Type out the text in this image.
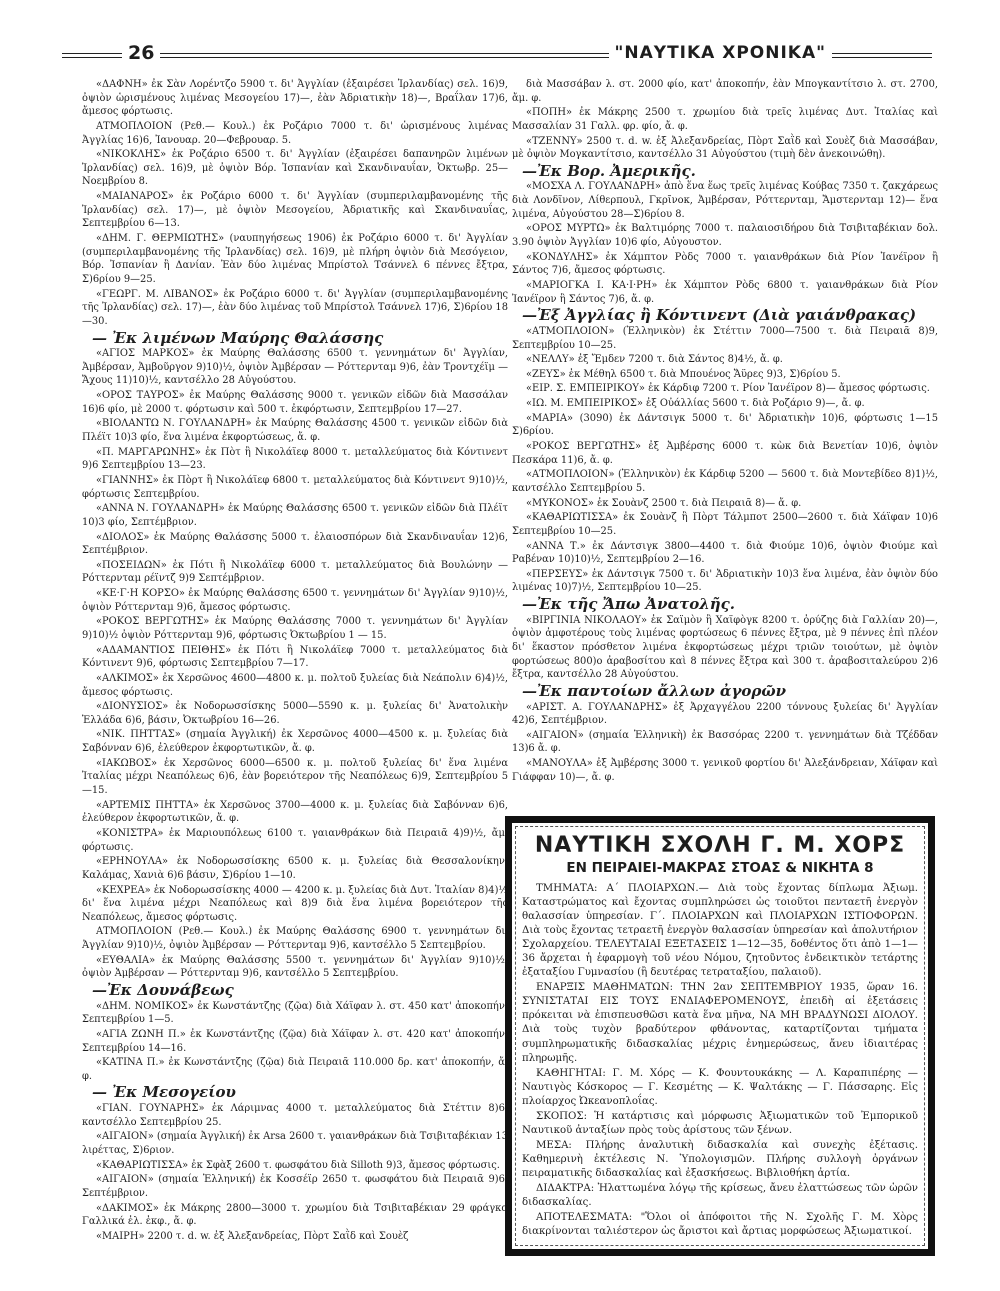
26	"ΝΑΥΤΙΚΑ ΧΡΟΝΙΚΑ"

«ΔΑΦΝΗ» ἐκ Σὰν Λορέντζο 5900 τ. δι' Ἀγγλίαν (ἐξαιρέσει Ἰρλανδίας) σελ. 16)9, ὀψιὸν ὡρισμένους λιμένας Μεσογείου 17)—, ἐὰν Ἀδριατικὴν 18)—, Βραΐλαν 17)6, ἄμεσος φόρτωσις.

ΑΤΜΟΠΛΟΙΟΝ (Ρεθ.— Κουλ.) ἐκ Ροζάριο 7000 τ. δι' ὡρισμένους λιμένας Ἀγγλίας 16)6, Ἰανουαρ. 20—Φεβρουαρ. 5.

«ΝΙΚΟΚΛΗΣ» ἐκ Ροζάριο 6500 τ. δι' Ἀγγλίαν (ἐξαιρέσει δαπανηρῶν λιμένων Ἰρλανδίας) σελ. 16)9, μὲ ὀψιὸν Βόρ. Ἰσπανίαν καὶ Σκανδιναυΐαν, Ὀκτωβρ. 25—Νοεμβρίου 8.

«ΜΑΙΑΝΑΡΟΣ» ἐκ Ροζάριο 6000 τ. δι' Ἀγγλίαν (συμπεριλαμβανομένης τῆς Ἰρλανδίας) σελ. 17)—, μὲ ὀψιὸν Μεσογείου, Ἀδριατικῆς καὶ Σκανδιναυΐας, Σεπτεμβρίου 6—13.

«ΔΗΜ. Γ. ΘΕΡΜΙΩΤΗΣ» (ναυπηγήσεως 1906) ἐκ Ροζάριο 6000 τ. δι' Ἀγγλίαν (συμπεριλαμβανομένης τῆς Ἰρλανδίας) σελ. 16)9, μὲ πλήρη ὀψιὸν διὰ Μεσόγειον, Βόρ. Ἰσπανίαν ἢ Δανίαν. Ἐὰν δύο λιμένας Μπρίστολ Τσάννελ 6 πέννες ἔξτρα, Σ)6ρίου 9—25.

«ΓΕΩΡΓ. Μ. ΛΙΒΑΝΟΣ» ἐκ Ροζάριο 6000 τ. δι' Ἀγγλίαν (συμπεριλαμβανομένης τῆς Ἰρλανδίας) σελ. 17)—, ἐὰν δύο λιμένας τοῦ Μπρίστολ Τσάννελ 17)6, Σ)6ρίου 18—30.

— Ἐκ λιμένων Μαύρης Θαλάσσης

«ΑΓΙΟΣ ΜΑΡΚΟΣ» ἐκ Μαύρης Θαλάσσης 6500 τ. γεννημάτων δι' Ἀγγλίαν, Ἀμβέρσαν, Ἀμβοῦργον 9)10)½, ὀψιὸν Ἀμβέρσαν — Ρόττερνταμ 9)6, ἐὰν Τροντχέϊμ — Ἄχους 11)10)½, καντσέλλο 28 Αὐγούστου.

«ΟΡΟΣ ΤΑΥΡΟΣ» ἐκ Μαύρης Θαλάσσης 9000 τ. γενικῶν εἰδῶν διὰ Μασσάλαν 16)6 φίο, μὲ 2000 τ. φόρτωσιν καὶ 500 τ. ἐκφόρτωσιν, Σεπτεμβρίου 17—27.

«ΒΙΟΛΑΝΤΩ Ν. ΓΟΥΛΑΝΔΡΗ» ἐκ Μαύρης Θαλάσσης 4500 τ. γενικῶν εἰδῶν διὰ Πλέϊτ 10)3 φίο, ἕνα λιμένα ἐκφορτώσεως, ἄ. φ.

«Π. ΜΑΡΓΑΡΩΝΗΣ» ἐκ Πὸτ ἢ Νικολάϊεφ 8000 τ. μεταλλεύματος διὰ Κόντινεντ 9)6 Σεπτεμβρίου 13—23.

«ΓΙΑΝΝΗΣ» ἐκ Πὸρτ ἢ Νικολάϊεφ 6800 τ. μεταλλεύματος διὰ Κόντινεντ 9)10)½, φόρτωσις Σεπτεμβρίου.

«ΑΝΝΑ Ν. ΓΟΥΛΑΝΔΡΗ» ἐκ Μαύρης Θαλάσσης 6500 τ. γενικῶν εἰδῶν διὰ Πλέϊτ 10)3 φίο, Σεπτέμβριον.

«ΔΙΟΛΟΣ» ἐκ Μαύρης Θαλάσσης 5000 τ. ἐλαιοσπόρων διὰ Σκανδιναυΐαν 12)6, Σεπτέμβριον.

«ΠΟΣΕΙΔΩΝ» ἐκ Πότι ἢ Νικολάϊεφ 6000 τ. μεταλλεύματος διὰ Βουλώνην — Ρόττερνταμ ρέϊντζ 9)9 Σεπτέμβριον.

«ΚΕ·Γ·Η ΚΟΡΣΟ» ἐκ Μαύρης Θαλάσσης 6500 τ. γεννημάτων δι' Ἀγγλίαν 9)10)½, ὀψιὸν Ρόττερνταμ 9)6, ἄμεσος φόρτωσις.

«ΡΟΚΟΣ ΒΕΡΓΩΤΗΣ» ἐκ Μαύρης Θαλάσσης 7000 τ. γεννημάτων δι' Ἀγγλίαν 9)10)½ ὀψιὸν Ρόττερνταμ 9)6, φόρτωσις Ὀκτωβρίου 1 — 15.

«ΑΔΑΜΑΝΤΙΟΣ ΠΕΙΘΗΣ» ἐκ Πότι ἢ Νικολάϊεφ 7000 τ. μεταλλεύματος διὰ Κόντινεντ 9)6, φόρτωσις Σεπτεμβρίου 7—17.

«ΑΛΚΙΜΟΣ» ἐκ Χερσῶνος 4600—4800 κ. μ. πολτοῦ ξυλείας διὰ Νεάπολιν 6)4)½, ἄμεσος φόρτωσις.

«ΔΙΟΝΥΣΙΟΣ» ἐκ Νοδορωσσίσκης 5000—5590 κ. μ. ξυλείας δι' Ἀνατολικὴν Ἑλλάδα 6)6, βάσιν, Ὀκτωβρίου 16—26.

«ΝΙΚ. ΠΗΤΤΑΣ» (σημαία Ἀγγλική) ἐκ Χερσῶνος 4000—4500 κ. μ. ξυλείας διὰ Σαβόνναν 6)6, ἐλεύθερον ἐκφορτωτικῶν, ἄ. φ.

«ΙΑΚΩΒΟΣ» ἐκ Χερσῶνος 6000—6500 κ. μ. πολτοῦ ξυλείας δι' ἕνα λιμένα Ἰταλίας μέχρι Νεαπόλεως 6)6, ἐὰν βορειότερον τῆς Νεαπόλεως 6)9, Σεπτεμβρίου 5—15.

«ΑΡΤΕΜΙΣ ΠΗΤΤΑ» ἐκ Χερσῶνος 3700—4000 κ. μ. ξυλείας διὰ Σαβόνναν 6)6, ἐλεύθερον ἐκφορτωτικῶν, ἄ. φ.

«ΚΟΝΙΣΤΡΑ» ἐκ Μαριουπόλεως 6100 τ. γαιανθράκων διὰ Πειραιᾶ 4)9)½, ἄμ. φόρτωσις.

«ΕΡΗΝΟΥΛΑ» ἐκ Νοδορωσσίσκης 6500 κ. μ. ξυλείας διὰ Θεσσαλονίκην, Καλάμας, Χανιὰ 6)6 βάσιν, Σ)6ρίου 1—10.

«ΚΕΧΡΕΑ» ἐκ Νοδορωσσίσκης 4000 — 4200 κ. μ. ξυλείας διὰ Δυτ. Ἰταλίαν 8)4)½ δι' ἕνα λιμένα μέχρι Νεαπόλεως καὶ 8)9 διὰ ἕνα λιμένα βορειότερον τῆς Νεαπόλεως, ἄμεσος φόρτωσις.

ΑΤΜΟΠΛΟΙΟΝ (Ρεθ.— Κουλ.) ἐκ Μαύρης Θαλάσσης 6900 τ. γεννημάτων δι' Ἀγγλίαν 9)10)½, ὀψιὸν Ἀμβέρσαν — Ρόττερνταμ 9)6, καντσέλλο 5 Σεπτεμβρίου.

«ΕΥΘΑΛΙΑ» ἐκ Μαύρης Θαλάσσης 5500 τ. γεννημάτων δι' Ἀγγλίαν 9)10)½, ὀψιὸν Ἀμβέρσαν — Ρόττερνταμ 9)6, καντσέλλο 5 Σεπτεμβρίου.

—Ἐκ Δουνάβεως

«ΔΗΜ. ΝΟΜΙΚΟΣ» ἐκ Κωνστάντζης (ζῷα) διὰ Χάϊφαν λ. στ. 450 κατ' ἀποκοπήν, Σεπτεμβρίου 1—5.

«ΑΓΙΑ ΖΩΝΗ Π.» ἐκ Κωνστάντζης (ζῷα) διὰ Χάϊφαν λ. στ. 420 κατ' ἀποκοπήν, Σεπτεμβρίου 14—16.

«ΚΑΤΙΝΑ Π.» ἐκ Κωνστάντζης (ζῷα) διὰ Πειραιᾶ 110.000 δρ. κατ' ἀποκοπήν, ἄ. φ.

— Ἐκ Μεσογείου

«ΓΙΑΝ. ΓΟΥΝΑΡΗΣ» ἐκ Λάριμνας 4000 τ. μεταλλεύματος διὰ Στέττιν 8)6, καντσέλλο Σεπτεμβρίου 25.

«ΑΙΓΑΙΟΝ» (σημαία Ἀγγλική) ἐκ Arsa 2600 τ. γαιανθράκων διὰ Τσιβιταβέκιαν 13 λιρέττας, Σ)6ριον.

«ΚΑΘΑΡΙΩΤΙΣΣΑ» ἐκ Σφὰξ 2600 τ. φωσφάτου διὰ Silloth 9)3, ἄμεσος φόρτωσις.

«ΑΙΓΑΙΟΝ» (σημαία Ἑλληνική) ἐκ Κοσσέϊρ 2650 τ. φωσφάτου διὰ Πειραιᾶ 9)6, Σεπτέμβριον.

«ΔΑΚΙΜΟΣ» ἐκ Μάκρης 2800—3000 τ. χρωμίου διὰ Τσιβιταβέκιαν 29 φράγκα Γαλλικά ἐλ. ἐκφ., ἄ. φ.

«ΜΑΙΡΗ» 2200 τ. d. w. ἐξ Ἀλεξανδρείας, Πὸρτ Σαῒδ καὶ Σουὲζ

διὰ Μασσάβαν λ. στ. 2000 φίο, κατ' ἀποκοπήν, ἐὰν Μπογκαντίτσιο λ. στ. 2700, ἄμ. φ.

«ΠΟΠΗ» ἐκ Μάκρης 2500 τ. χρωμίου διὰ τρεῖς λιμένας Δυτ. Ἰταλίας καὶ Μασσαλίαν 31 Γαλλ. φρ. φίο, ἄ. φ.

«ΤΖΕΝΝΥ» 2500 τ. d. w. ἐξ Ἀλεξανδρείας, Πὸρτ Σαῒδ καὶ Σουὲζ διὰ Μασσάβαν, μὲ ὀψιὸν Μογκαντίτσιο, καντσέλλο 31 Αὐγούστου (τιμὴ δὲν ἀνεκοινώθη).

—Ἐκ Βορ. Ἀμερικῆς.

«ΜΟΣΧΑ Λ. ΓΟΥΛΑΝΔΡΗ» ἀπὸ ἕνα ἕως τρεῖς λιμένας Κούβας 7350 τ. ζακχάρεως διὰ Λονδῖνον, Λίθερπουλ, Γκρῖνοκ, Ἀμβέρσαν, Ρόττερνταμ, Ἄμστερνταμ 12)— ἕνα λιμένα, Αὐγούστου 28—Σ)6ρίου 8.

«ΟΡΟΣ ΜΥΡΤΩ» ἐκ Βαλτιμόρης 7000 τ. παλαιοσιδήρου διὰ Τσιβιταβέκιαν δολ. 3.90 ὀψιὸν Ἀγγλίαν 10)6 φίο, Αὐγουστον.

«ΚΟΝΔΥΛΗΣ» ἐκ Χάμπτον Ρὸδς 7000 τ. γαιανθράκων διὰ Ρίον Ἰανέϊρον ἢ Σάντος 7)6, ἄμεσος φόρτωσις.

«ΜΑΡΙΟΓΚΑ Ι. ΚΑ·Ι·ΡΗ» ἐκ Χάμπτον Ρὸδς 6800 τ. γαιανθράκων διὰ Ρίον Ἰανέϊρον ἢ Σάντος 7)6, ἄ. φ.

—Ἐξ Ἀγγλίας ἢ Κόντινεντ (Διὰ γαιάνθρακας)

«ΑΤΜΟΠΛΟΙΟΝ» (Ἑλληνικὸν) ἐκ Στέττιν 7000—7500 τ. διὰ Πειραιᾶ 8)9, Σεπτεμβρίου 10—25.

«ΝΕΛΛΥ» ἐξ Ἔμδεν 7200 τ. διὰ Σάντος 8)4½, ἄ. φ.

«ΖΕΥΣ» ἐκ Μέθηλ 6500 τ. διὰ Μπουένος Ἄϋρες 9)3, Σ)6ρίου 5.

«ΕΙΡ. Σ. ΕΜΠΕΙΡΙΚΟΥ» ἐκ Κάρδιφ 7200 τ. Ρίον Ἰανέϊρον 8)— ἄμεσος φόρτωσις.

«ΙΩ. Μ. ΕΜΠΕΙΡΙΚΟΣ» ἐξ Οὐάλλίας 5600 τ. διὰ Ροζάριο 9)—, ἄ. φ.

«ΜΑΡΙΑ» (3090) ἐκ Δάντσιγκ 5000 τ. δι' Ἀδριατικὴν 10)6, φόρτωσις 1—15 Σ)6ρίου.

«ΡΟΚΟΣ ΒΕΡΓΩΤΗΣ» ἐξ Ἀμβέρσης 6000 τ. κὼκ διὰ Βενετίαν 10)6, ὀψιὸν Πεσκάρα 11)6, ἄ. φ.

«ΑΤΜΟΠΛΟΙΟΝ» (Ἑλληνικὸν) ἐκ Κάρδιφ 5200 — 5600 τ. διὰ Μοντεβίδεο 8)1)½, καντσέλλο Σεπτεμβρίου 5.

«ΜΥΚΟΝΟΣ» ἐκ Σουὰνζ 2500 τ. διὰ Πειραιᾶ 8)— ἄ. φ.

«ΚΑΘΑΡΙΩΤΙΣΣΑ» ἐκ Σουὰνζ ἢ Πὸρτ Τάλμποτ 2500—2600 τ. διὰ Χάϊφαν 10)6 Σεπτεμβρίου 10—25.

«ΑΝΝΑ Τ.» ἐκ Δάντσιγκ 3800—4400 τ. διὰ Φιούμε 10)6, ὀψιὸν Φιούμε καὶ Ραβέναν 10)10)½, Σεπτεμβρίου 2—16.

«ΠΕΡΣΕΥΣ» ἐκ Δάντσιγκ 7500 τ. δι' Ἀδριατικὴν 10)3 ἕνα λιμένα, ἐὰν ὀψιὸν δύο λιμένας 10)7)½, Σεπτεμβρίου 10—25.

—Ἐκ τῆς Ἄπω Ἀνατολῆς.

«ΒΙΡΓΙΝΙΑ ΝΙΚΟΛΑΟΥ» ἐκ Σαϊμὸν ἢ Χαϊφὸγκ 8200 τ. ὀρύζης διὰ Γαλλίαν 20)—, ὀψιὸν ἀμφοτέρους τοὺς λιμένας φορτώσεως 6 πέννες ἔξτρα, μὲ 9 πέννες ἐπὶ πλέον δι' ἕκαστον πρόσθετον λιμένα ἐκφορτώσεως μέχρι τριῶν τοιούτων, μὲ ὀψιὸν φορτώσεως 800)ο ἀραβοσίτου καὶ 8 πέννες ἔξτρα καὶ 300 τ. ἀραβοσιταλεύρου 2)6 ἔξτρα, καντσέλλο 28 Αὐγούστου.

—Ἐκ παντοίων ἄλλων ἀγορῶν

«ΑΡΙΣΤ. Α. ΓΟΥΛΑΝΔΡΗΣ» ἐξ Ἀρχαγγέλου 2200 τόννους ξυλείας δι' Ἀγγλίαν 42)6, Σεπτέμβριον.

«ΑΙΓΑΙΟΝ» (σημαία Ἑλληνικὴ) ἐκ Βασσόρας 2200 τ. γεννημάτων διὰ Τζέδδαν 13)6 ἄ. φ.

«ΜΑΝΟΥΛΑ» ἐξ Ἀμβέρσης 3000 τ. γενικοῦ φορτίου δι' Ἀλεξάνδρειαν, Χάϊφαν καὶ Γιάφφαν 10)—, ἄ. φ.

ΝΑΥΤΙΚΗ ΣΧΟΛΗ Γ. Μ. ΧΟΡΣ
ΕΝ ΠΕΙΡΑΙΕΙ-ΜΑΚΡΑΣ ΣΤΟΑΣ & ΝΙΚΗΤΑ 8

ΤΜΗΜΑΤΑ: Α΄ ΠΛΟΙΑΡΧΩΝ.— Διὰ τοὺς ἔχοντας δίπλωμα Ἀξιωμ. Καταστρώματος καὶ ἔχοντας συμπληρώσει ὡς τοιοῦτοι πενταετῆ ἐνεργὸν θαλασσίαν ὑπηρεσίαν. Γ΄. ΠΛΟΙΑΡΧΩΝ καὶ ΠΛΟΙΑΡΧΩΝ ΙΣΤΙΟΦΟΡΩΝ. Διὰ τοὺς ἔχοντας τετραετῆ ἐνεργὸν θαλασσίαν ὑπηρεσίαν καὶ ἀπολυτήριον Σχολαρχείου. ΤΕΛΕΥΤΑΙΑΙ ΕΞΕΤΑΣΕΙΣ 1—12—35, δοθέντος ὅτι ἀπὸ 1—1—36 ἄρχεται ἡ ἐφαρμογὴ τοῦ νέου Νόμου, ζητοῦντος ἐνδεικτικὸν τετάρτης ἐξαταξίου Γυμνασίου (ἢ δευτέρας τετραταξίου, παλαιοῦ).

ΕΝΑΡΞΙΣ ΜΑΘΗΜΑΤΩΝ: ΤΗΝ 2αν ΣΕΠΤΕΜΒΡΙΟΥ 1935, ὥραν 16. ΣΥΝΙΣΤΑΤΑΙ ΕΙΣ ΤΟΥΣ ΕΝΔΙΑΦΕΡΟΜΕΝΟΥΣ, ἐπειδὴ αἱ ἐξετάσεις πρόκειται νὰ ἐπισπευσθῶσι κατὰ ἕνα μῆνα, ΝΑ ΜΗ ΒΡΑΔΥΝΩΣΙ ΔΙΟΛΟΥ. Διὰ τοὺς τυχὸν βραδύτερον φθάνοντας, καταρτίζονται τμήματα συμπληρωματικῆς διδασκαλίας μέχρις ἐνημερώσεως, ἄνευ ἰδιαιτέρας πληρωμῆς.

ΚΑΘΗΓΗΤΑΙ: Γ. Μ. Χόρς — Κ. Φουντουκάκης — Λ. Καραπιπέρης — Ναυτιγὸς Κόσκορος — Γ. Κεσμέτης — Κ. Ψαλτάκης — Γ. Πάσσαρης. Εἰς πλοίαρχος Ὠκεανοπλοΐας.

ΣΚΟΠΟΣ: Ἡ κατάρτισις καὶ μόρφωσις Ἀξιωματικῶν τοῦ Ἐμπορικοῦ Ναυτικοῦ ἀνταξίων πρὸς τοὺς ἀρίστους τῶν ξένων.

ΜΕΣΑ: Πλήρης ἀναλυτικὴ διδασκαλία καὶ συνεχὴς ἐξέτασις. Καθημερινὴ ἐκτέλεσις Ν. Ὑπολογισμῶν. Πλήρης συλλογὴ ὀργάνων πειραματικῆς διδασκαλίας καὶ ἐξασκήσεως. Βιβλιοθήκη ἀρτία.

ΔΙΔΑΚΤΡΑ: Ἠλαττωμένα λόγῳ τῆς κρίσεως, ἄνευ ἐλαττώσεως τῶν ὡρῶν διδασκαλίας.

ΑΠΟΤΕΛΕΣΜΑΤΑ: "Ὅλοι οἱ ἀπόφοιτοι τῆς Ν. Σχολῆς Γ. Μ. Χὸρς διακρίνονται ταλιέστερον ὡς ἄριστοι καὶ ἄρτιας μορφώσεως Ἀξιωματικοί.
